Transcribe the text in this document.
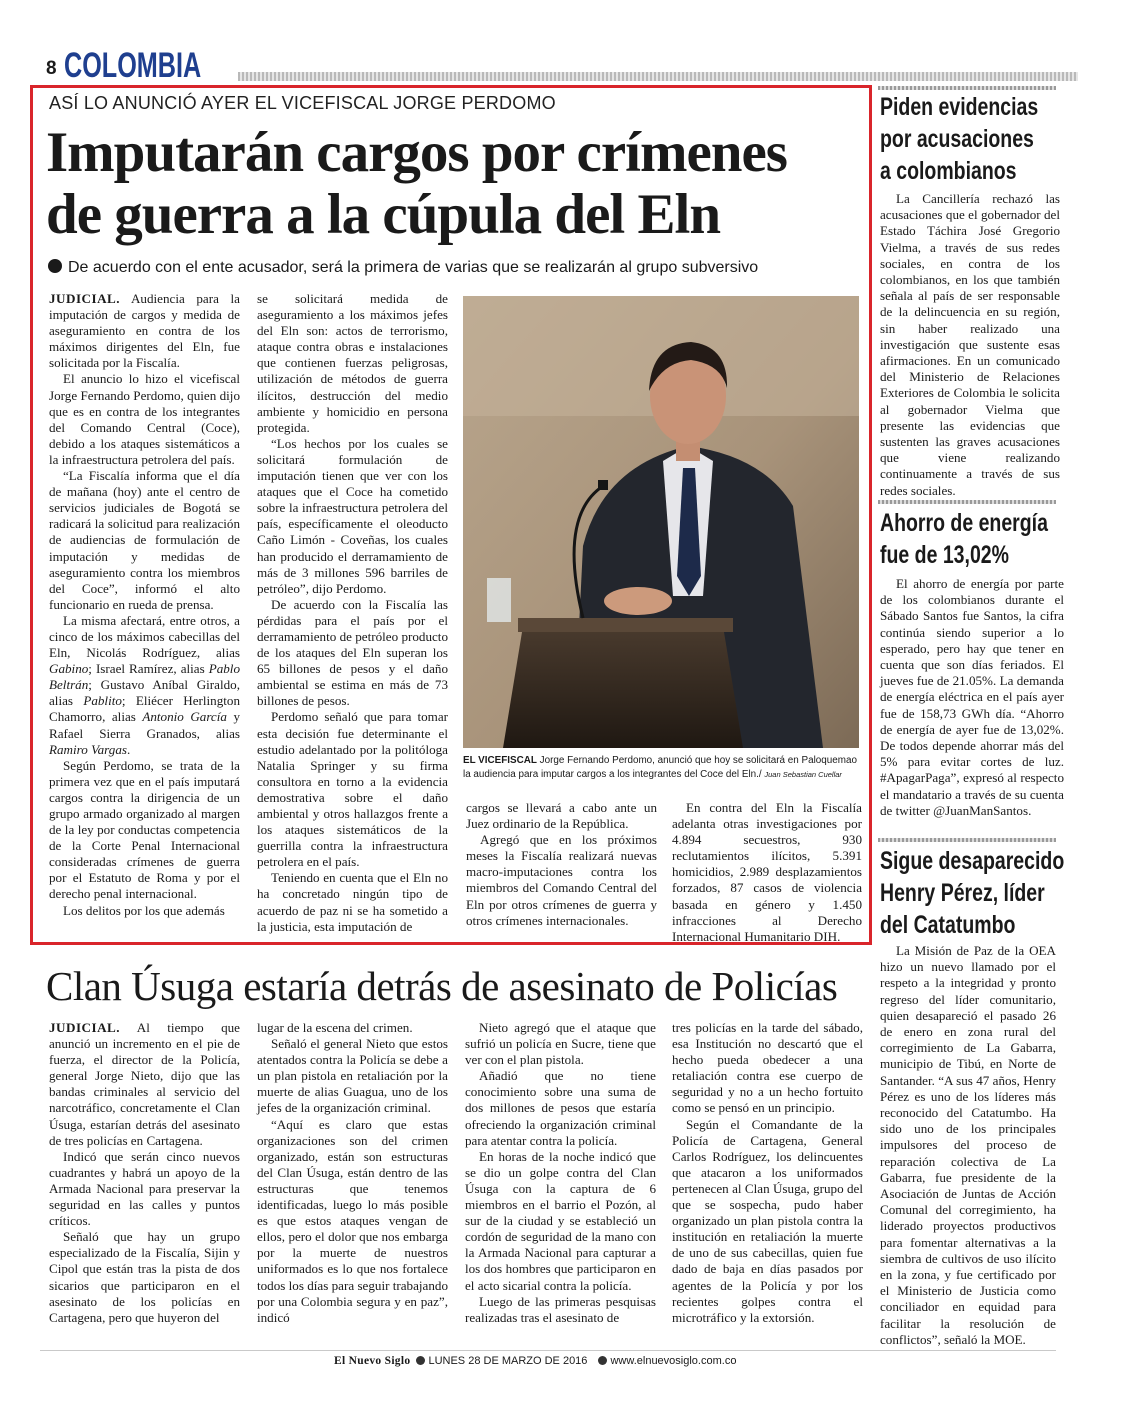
8 COLOMBIA
ASÍ LO ANUNCIÓ AYER EL VICEFISCAL JORGE PERDOMO
Imputarán cargos por crímenes
de guerra a la cúpula del Eln
De acuerdo con el ente acusador, será la primera de varias que se realizarán al grupo subversivo

JUDICIAL. Audiencia para la imputación de cargos y medida de aseguramiento en contra de los máximos dirigentes del Eln, fue solicitada por la Fiscalía.

El anuncio lo hizo el vicefiscal Jorge Fernando Perdomo, quien dijo que es en contra de los integrantes del Comando Central (Coce), debido a los ataques sistemáticos a la infraestructura petrolera del país.

“La Fiscalía informa que el día de mañana (hoy) ante el centro de servicios judiciales de Bogotá se radicará la solicitud para realización de audiencias de formulación de imputación y medidas de aseguramiento contra los miembros del Coce”, informó el alto funcionario en rueda de prensa.

La misma afectará, entre otros, a cinco de los máximos cabecillas del Eln, Nicolás Rodríguez, alias Gabino; Israel Ramírez, alias Pablo Beltrán; Gustavo Aníbal Giraldo, alias Pablito; Eliécer Herlington Chamorro, alias Antonio García y Rafael Sierra Granados, alias Ramiro Vargas.

Según Perdomo, se trata de la primera vez que en el país imputará cargos contra la dirigencia de un grupo armado organizado al margen de la ley por conductas competencia de la Corte Penal Internacional consideradas crímenes de guerra por el Estatuto de Roma y por el derecho penal internacional.

Los delitos por los que además

se solicitará medida de aseguramiento a los máximos jefes del Eln son: actos de terrorismo, ataque contra obras e instalaciones que contienen fuerzas peligrosas, utilización de métodos de guerra ilícitos, destrucción del medio ambiente y homicidio en persona protegida.

“Los hechos por los cuales se solicitará formulación de imputación tienen que ver con los ataques que el Coce ha cometido sobre la infraestructura petrolera del país, específicamente el oleoducto Caño Limón - Coveñas, los cuales han producido el derramamiento de más de 3 millones 596 barriles de petróleo”, dijo Perdomo.

De acuerdo con la Fiscalía las pérdidas para el país por el derramamiento de petróleo producto de los ataques del Eln superan los 65 billones de pesos y el daño ambiental se estima en más de 73 billones de pesos.

Perdomo señaló que para tomar esta decisión fue determinante el estudio adelantado por la politóloga Natalia Springer y su firma consultora en torno a la evidencia demostrativa sobre el daño ambiental y otros hallazgos frente a los ataques sistemáticos de la guerrilla contra la infraestructura petrolera en el país.

Teniendo en cuenta que el Eln no ha concretado ningún tipo de acuerdo de paz ni se ha sometido a la justicia, esta imputación de

EL VICEFISCAL Jorge Fernando Perdomo, anunció que hoy se solicitará en Paloquemao la audiencia para imputar cargos a los integrantes del Coce del Eln./ Juan Sebastian Cuellar

cargos se llevará a cabo ante un Juez ordinario de la República.

Agregó que en los próximos meses la Fiscalía realizará nuevas macro-imputaciones contra los miembros del Comando Central del Eln por otros crímenes de guerra y otros crímenes internacionales.

En contra del Eln la Fiscalía adelanta otras investigaciones por 4.894 secuestros, 930 reclutamientos ilícitos, 5.391 homicidios, 2.989 desplazamientos forzados, 87 casos de violencia basada en género y 1.450 infracciones al Derecho Internacional Humanitario DIH.

Clan Úsuga estaría detrás de asesinato de Policías

JUDICIAL. Al tiempo que anunció un incremento en el pie de fuerza, el director de la Policía, general Jorge Nieto, dijo que las bandas criminales al servicio del narcotráfico, concretamente el Clan Úsuga, estarían detrás del asesinato de tres policías en Cartagena.

Indicó que serán cinco nuevos cuadrantes y habrá un apoyo de la Armada Nacional para preservar la seguridad en las calles y puntos críticos.

Señaló que hay un grupo especializado de la Fiscalía, Sijin y Cipol que están tras la pista de dos sicarios que participaron en el asesinato de los policías en Cartagena, pero que huyeron del

lugar de la escena del crimen.

Señaló el general Nieto que estos atentados contra la Policía se debe a un plan pistola en retaliación por la muerte de alias Guagua, uno de los jefes de la organización criminal.

“Aquí es claro que estas organizaciones son del crimen organizado, están son estructuras del Clan Úsuga, están dentro de las estructuras que tenemos identificadas, luego lo más posible es que estos ataques vengan de ellos, pero el dolor que nos embarga por la muerte de nuestros uniformados es lo que nos fortalece todos los días para seguir trabajando por una Colombia segura y en paz”, indicó

Nieto agregó que el ataque que sufrió un policía en Sucre, tiene que ver con el plan pistola.

Añadió que no tiene conocimiento sobre una suma de dos millones de pesos que estaría ofreciendo la organización criminal para atentar contra la policía.

En horas de la noche indicó que se dio un golpe contra del Clan Úsuga con la captura de 6 miembros en el barrio el Pozón, al sur de la ciudad y se estableció un cordón de seguridad de la mano con la Armada Nacional para capturar a los dos hombres que participaron en el acto sicarial contra la policía.

Luego de las primeras pesquisas realizadas tras el asesinato de

tres policías en la tarde del sábado, esa Institución no descartó que el hecho pueda obedecer a una retaliación contra ese cuerpo de seguridad y no a un hecho fortuito como se pensó en un principio.

Según el Comandante de la Policía de Cartagena, General Carlos Rodríguez, los delincuentes que atacaron a los uniformados pertenecen al Clan Úsuga, grupo del que se sospecha, pudo haber organizado un plan pistola contra la institución en retaliación la muerte de uno de sus cabecillas, quien fue dado de baja en días pasados por agentes de la Policía y por los recientes golpes contra el microtráfico y la extorsión.

Piden evidencias
por acusaciones
a colombianos

La Cancillería rechazó las acusaciones que el gobernador del Estado Táchira José Gregorio Vielma, a través de sus redes sociales, en contra de los colombianos, en los que también señala al país de ser responsable de la delincuencia en su región, sin haber realizado una investigación que sustente esas afirmaciones. En un comunicado del Ministerio de Relaciones Exteriores de Colombia le solicita al gobernador Vielma que presente las evidencias que sustenten las graves acusaciones que viene realizando continuamente a través de sus redes sociales.

Ahorro de energía
fue de 13,02%

El ahorro de energía por parte de los colombianos durante el Sábado Santos fue Santos, la cifra continúa siendo superior a lo esperado, pero hay que tener en cuenta que son días feriados. El jueves fue de 21.05%. La demanda de energía eléctrica en el país ayer fue de 158,73 GWh día. “Ahorro de energía de ayer fue de 13,02%. De todos depende ahorrar más del 5% para evitar cortes de luz. #ApagarPaga”, expresó al respecto el mandatario a través de su cuenta de twitter @JuanManSantos.

Sigue desaparecido
Henry Pérez, líder
del Catatumbo

La Misión de Paz de la OEA hizo un nuevo llamado por el respeto a la integridad y pronto regreso del líder comunitario, quien desapareció el pasado 26 de enero en zona rural del corregimiento de La Gabarra, municipio de Tibú, en Norte de Santander. “A sus 47 años, Henry Pérez es uno de los líderes más reconocido del Catatumbo. Ha sido uno de los principales impulsores del proceso de reparación colectiva de La Gabarra, fue presidente de la Asociación de Juntas de Acción Comunal del corregimiento, ha liderado proyectos productivos para fomentar alternativas a la siembra de cultivos de uso ilícito en la zona, y fue certificado por el Ministerio de Justicia como conciliador en equidad para facilitar la resolución de conflictos”, señaló la MOE.

El Nuevo Siglo LUNES 28 DE MARZO DE 2016 www.elnuevosiglo.com.co
